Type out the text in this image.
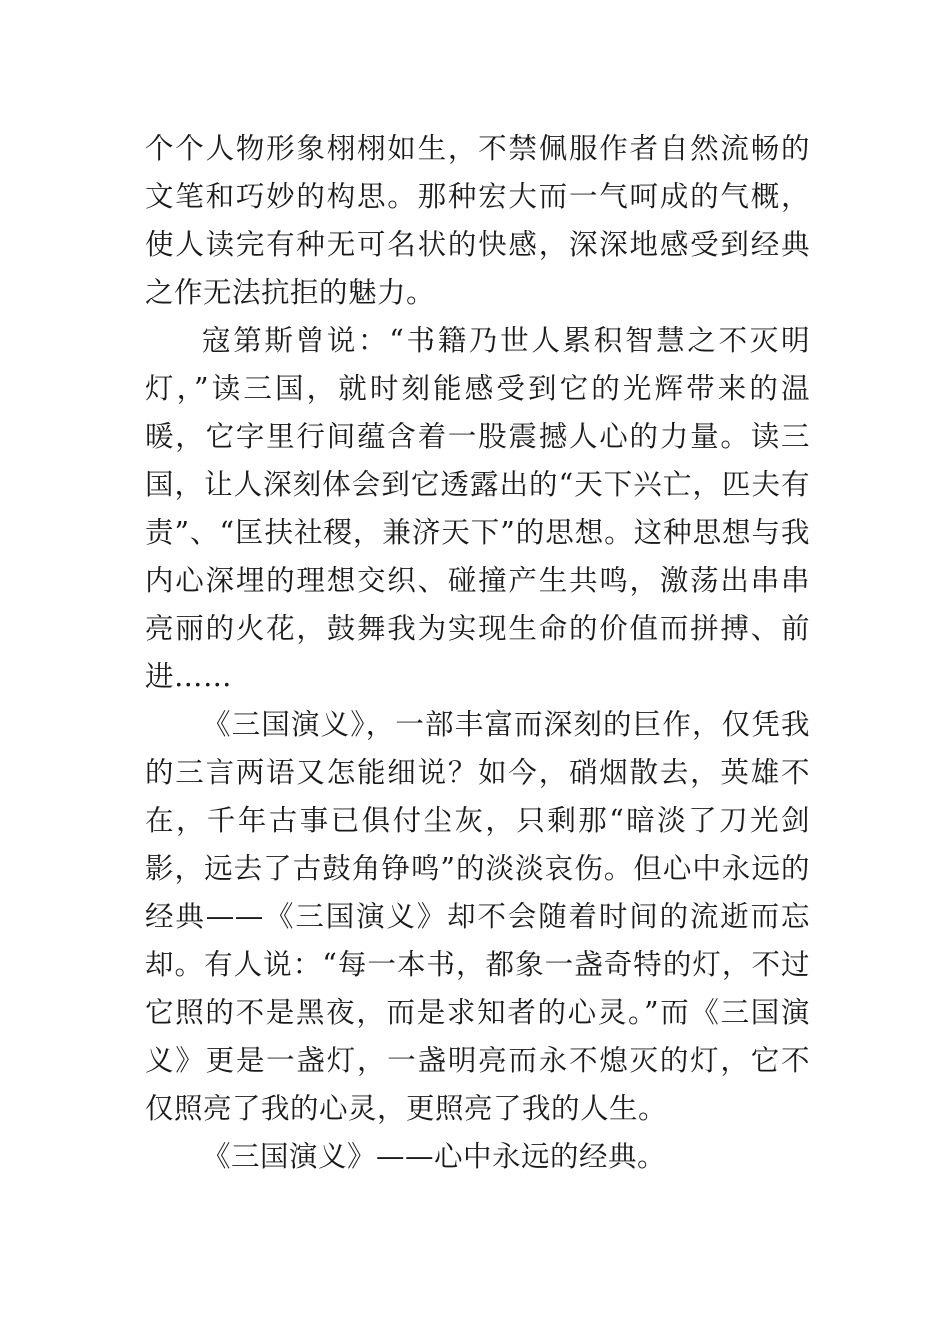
个个人物形象栩栩如生，不禁佩服作者自然流畅的文笔和巧妙的构思。那种宏大而一气呵成的气概，使人读完有种无可名状的快感，深深地感受到经典之作无法抗拒的魅力。

寇第斯曾说：“书籍乃世人累积智慧之不灭明灯，”读三国，就时刻能感受到它的光辉带来的温暖，它字里行间蕴含着一股震撼人心的力量。读三国，让人深刻体会到它透露出的“天下兴亡，匹夫有责”、“匡扶社稷，兼济天下”的思想。这种思想与我内心深埋的理想交织、碰撞产生共鸣，激荡出串串亮丽的火花，鼓舞我为实现生命的价值而拼搏、前进……

《三国演义》，一部丰富而深刻的巨作，仅凭我的三言两语又怎能细说？如今，硝烟散去，英雄不在，千年古事已俱付尘灰，只剩那“暗淡了刀光剑影，远去了古鼓角铮鸣”的淡淡哀伤。但心中永远的经典——《三国演义》却不会随着时间的流逝而忘却。有人说：“每一本书，都象一盏奇特的灯，不过它照的不是黑夜，而是求知者的心灵。”而《三国演义》更是一盏灯，一盏明亮而永不熄灭的灯，它不仅照亮了我的心灵，更照亮了我的人生。

《三国演义》——心中永远的经典。
